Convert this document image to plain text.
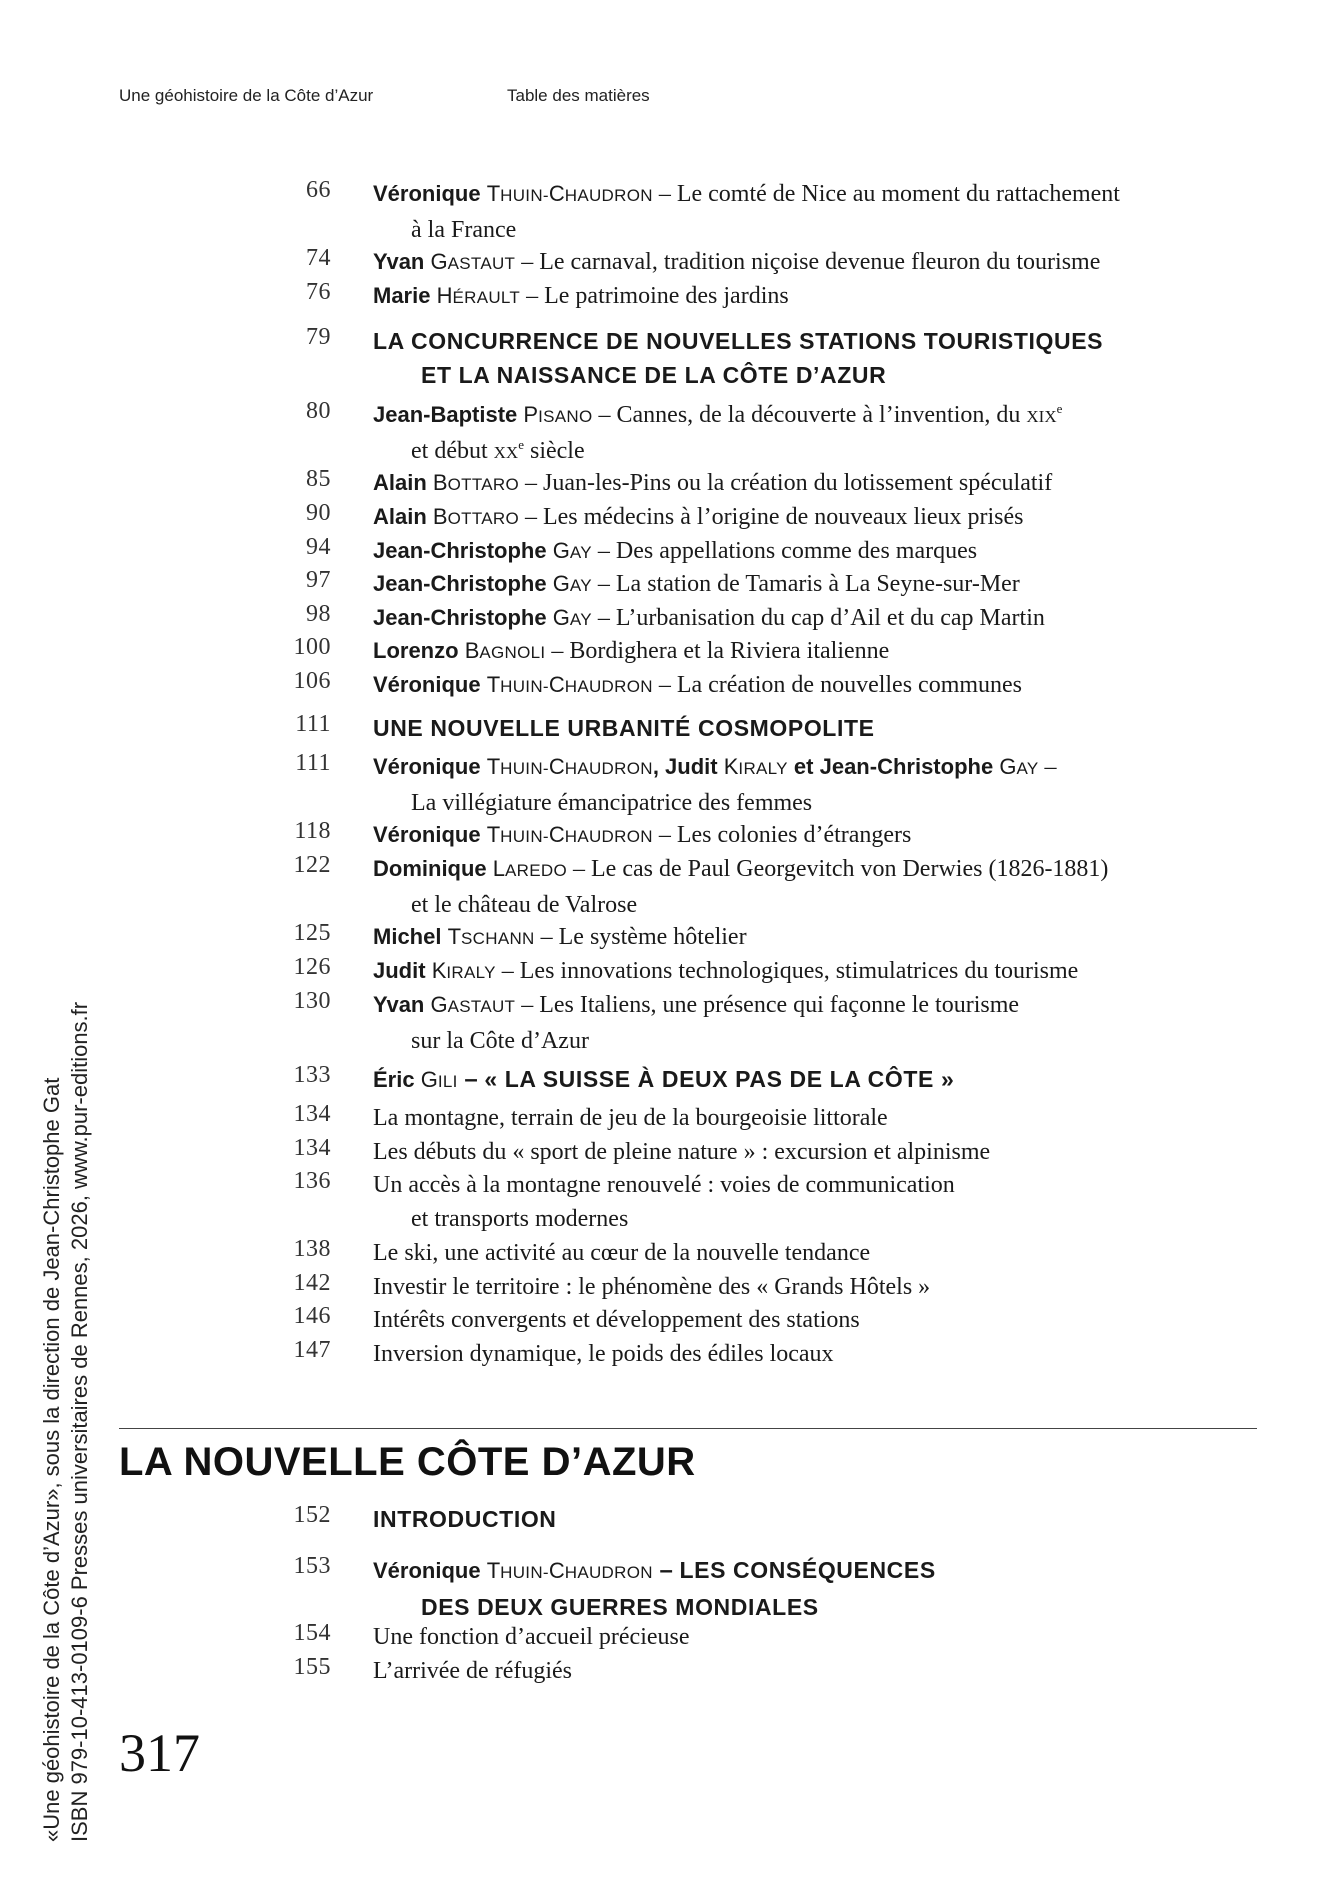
Une géohistoire de la Côte d’Azur	Table des matières
66 Véronique THUIN-CHAUDRON – Le comté de Nice au moment du rattachement
à la France
74 Yvan GASTAUT – Le carnaval, tradition niçoise devenue fleuron du tourisme
76 Marie HÉRAULT – Le patrimoine des jardins
79 LA CONCURRENCE DE NOUVELLES STATIONS TOURISTIQUES
ET LA NAISSANCE DE LA CÔTE D’AZUR
80 Jean-Baptiste PISANO – Cannes, de la découverte à l’invention, du xix$^e$
et début $xx^e$ siècle
85 Alain BOTTARO – Juan-les-Pins ou la création du lotissement spéculatif
90 Alain BOTTARO – Les médecins à l’origine de nouveaux lieux prisés
94 Jean-Christophe GAY – Des appellations comme des marques
97 Jean-Christophe GAY – La station de Tamaris à La Seyne-sur-Mer
98 Jean-Christophe GAY – L’urbanisation du cap d’Ail et du cap Martin
100 Lorenzo BAGNOLI – Bordighera et la Riviera italienne
106 Véronique THUIN-CHAUDRON – La création de nouvelles communes
111 UNE NOUVELLE URBANITÉ COSMOPOLITE
111 Véronique THUIN-CHAUDRON, Judit KIRALY et Jean-Christophe GAY –
La villégiature émancipatrice des femmes
118 Véronique THUIN-CHAUDRON – Les colonies d’étrangers
122 Dominique LAREDO – Le cas de Paul Georgevitch von Derwies (1826-1881)
et le château de Valrose
125 Michel TSCHANN – Le système hôtelier
126 Judit KIRALY – Les innovations technologiques, stimulatrices du tourisme
130 Yvan GASTAUT – Les Italiens, une présence qui façonne le tourisme
sur la Côte d’Azur
133 Éric GILI – « LA SUISSE À DEUX PAS DE LA CÔTE »
134 La montagne, terrain de jeu de la bourgeoisie littorale
134 Les débuts du « sport de pleine nature » : excursion et alpinisme
136 Un accès à la montagne renouvelé : voies de communication
et transports modernes
138 Le ski, une activité au cœur de la nouvelle tendance
142 Investir le territoire : le phénomène des « Grands Hôtels »
146 Intérêts convergents et développement des stations
147 Inversion dynamique, le poids des édiles locaux
LA NOUVELLE CÔTE D’AZUR
152 INTRODUCTION
153 Véronique THUIN-CHAUDRON – LES CONSÉQUENCES
DES DEUX GUERRES MONDIALES
154 Une fonction d’accueil précieuse
155 L’arrivée de réfugiés
317
«Une géohistoire de la Côte d’Azur», sous la direction de Jean-Christophe Gat ISBN 979-10-413-0109-6 Presses universitaires de Rennes, 2026, www.pur-editions.fr
